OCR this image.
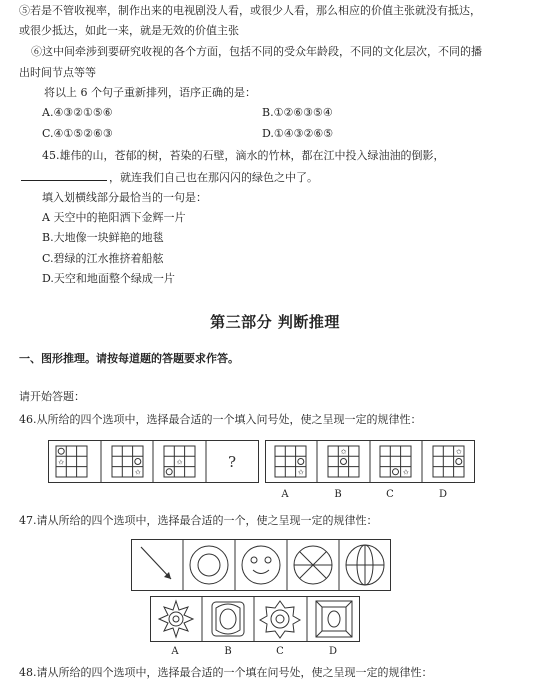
⑤若是不管收视率，制作出来的电视剧没人看，或很少人看，那么相应的价值主张就没有抵达，
或很少抵达，如此一来，就是无效的价值主张
⑥这中间牵涉到要研究收视的各个方面，包括不同的受众年龄段，不同的文化层次，不同的播
出时间节点等等
将以上 6 个句子重新排列，语序正确的是：
A.④③②①⑤⑥	B.①②⑥③⑤④
C.④①⑤②⑥③	D.①④③②⑥⑤
45.雄伟的山，苍郁的树，苔染的石壁，滴水的竹林，都在江中投入绿油油的倒影，
，就连我们自己也在那闪闪的绿色之中了。
填入划横线部分最恰当的一句是：
A 天空中的艳阳洒下金辉一片
B.大地像一块鲜艳的地毯
C.碧绿的江水推挤着船舷
D.天空和地面整个绿成一片
第三部分 判断推理
一、图形推理。请按每道题的答题要求作答。
请开始答题：
46.从所给的四个选项中，选择最合适的一个填入问号处，使之呈现一定的规律性：
✩
✩
✩	?
✩
✩
✩
✩
A	B	C	D
47.请从所给的四个选项中，选择最合适的一个，使之呈现一定的规律性：
A	B	C	D
48.请从所给的四个选项中，选择最合适的一个填在问号处，使之呈现一定的规律性：
